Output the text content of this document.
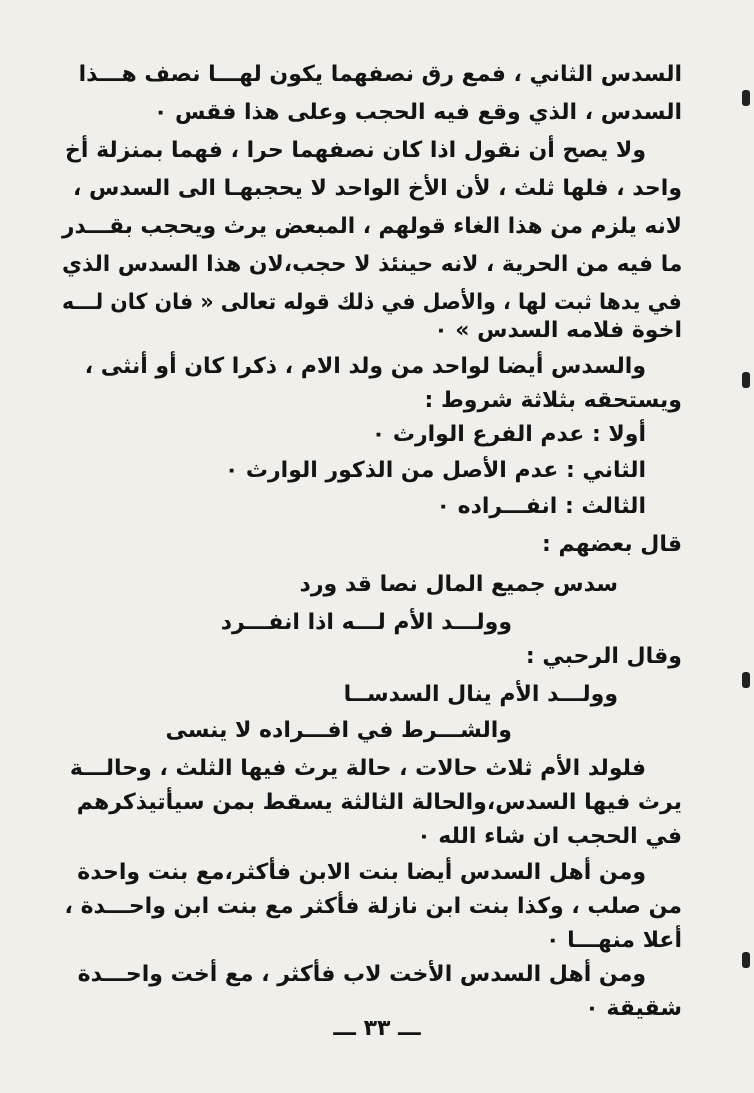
السدس الثاني ، فمع رق نصفهما يكون لهـــا نصف هـــذا
السدس ، الذي وقع فيه الحجب وعلى هذا فقس ٠
ولا يصح أن نقول اذا كان نصفهما حرا ، فهما بمنزلة أخ
واحد ، فلها ثلث ، لأن الأخ الواحد لا يحجبهـا الى السدس ،
لانه يلزم من هذا الغاء قولهم ، المبعض يرث ويحجب بقـــدر
ما فيه من الحرية ، لانه حينئذ لا حجب،لان هذا السدس الذي
في يدها ثبت لها ، والأصل في ذلك قوله تعالى « فان كان لـــه
اخوة فلامه السدس » ٠
والسدس أيضا لواحد من ولد الام ، ذكرا كان أو أنثى ،
ويستحقه بثلاثة شروط :
أولا : عدم الفرع الوارث ٠
الثاني : عدم الأصل من الذكور الوارث ٠
الثالث : انفـــراده ٠
قال بعضهم :
سدس جميع المال نصا قد ورد
وولـــد الأم لـــه اذا انفـــرد
وقال الرحبي :
وولـــد الأم ينال السدســا
والشـــرط في افـــراده لا ينسى
فلولد الأم ثلاث حالات ، حالة يرث فيها الثلث ، وحالـــة
يرث فيها السدس،والحالة الثالثة يسقط بمن سيأتيذكرهم
في الحجب ان شاء الله ٠
ومن أهل السدس أيضا بنت الابن فأكثر،مع بنت واحدة
من صلب ، وكذا بنت ابن نازلة فأكثر مع بنت ابن واحـــدة ،
أعلا منهـــا ٠
ومن أهل السدس الأخت لاب فأكثر ، مع أخت واحـــدة
شقيقة ٠
ـــ ٣٣ ـــ
